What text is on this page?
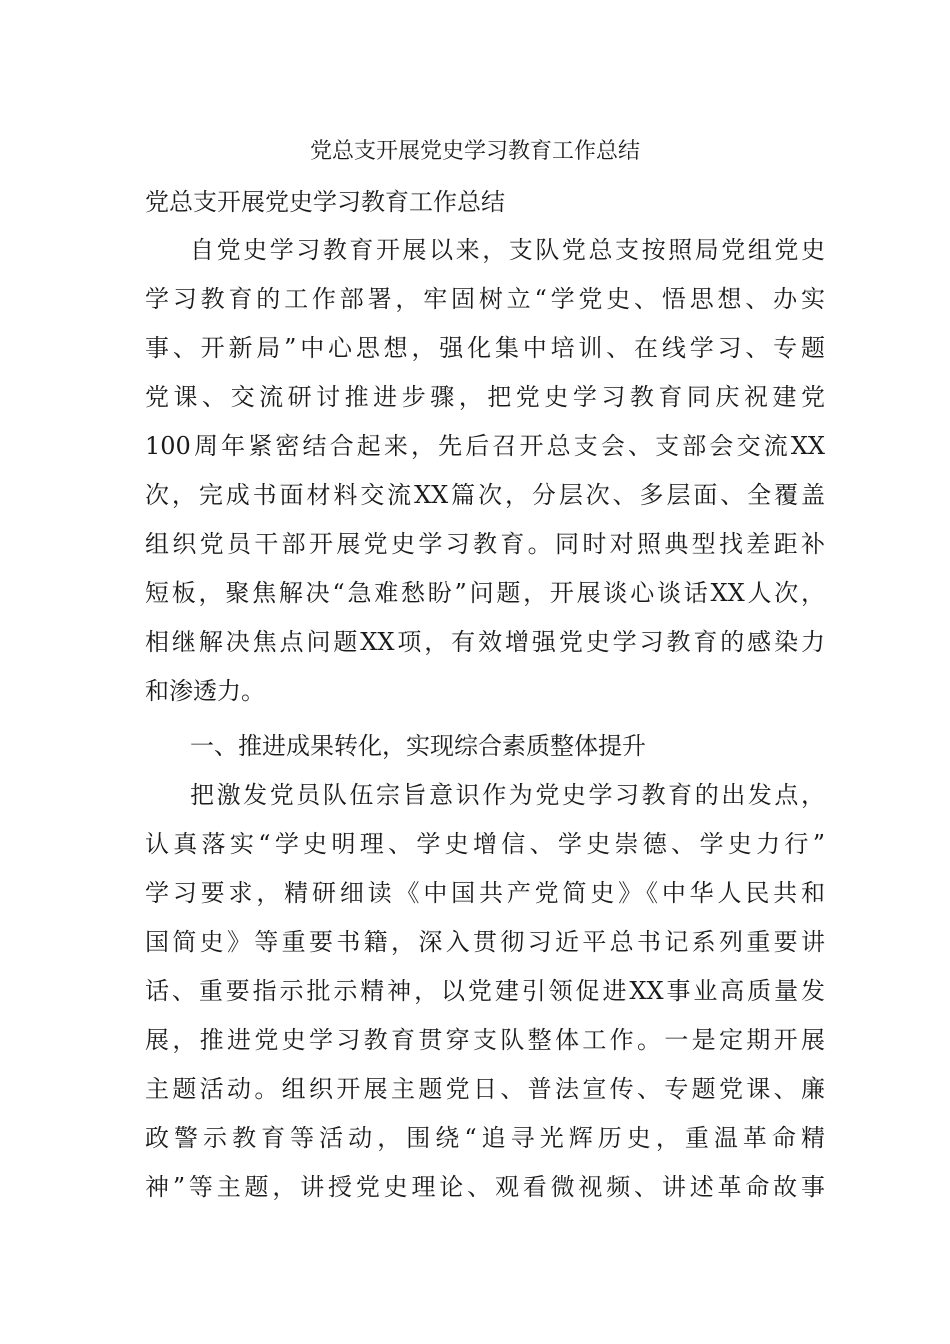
党总支开展党史学习教育工作总结
党总支开展党史学习教育工作总结
自党史学习教育开展以来，支队党总支按照局党组党史
学习教育的工作部署，牢固树立“学党史、悟思想、办实
事、开新局”中心思想，强化集中培训、在线学习、专题
党课、交流研讨推进步骤，把党史学习教育同庆祝建党
100周年紧密结合起来，先后召开总支会、支部会交流XX
次，完成书面材料交流XX篇次，分层次、多层面、全覆盖
组织党员干部开展党史学习教育。同时对照典型找差距补
短板，聚焦解决“急难愁盼”问题，开展谈心谈话XX人次，
相继解决焦点问题XX项，有效增强党史学习教育的感染力
和渗透力。
一、推进成果转化，实现综合素质整体提升
把激发党员队伍宗旨意识作为党史学习教育的出发点，
认真落实“学史明理、学史增信、学史崇德、学史力行”
学习要求，精研细读《中国共产党简史》《中华人民共和
国简史》等重要书籍，深入贯彻习近平总书记系列重要讲
话、重要指示批示精神，以党建引领促进XX事业高质量发
展，推进党史学习教育贯穿支队整体工作。一是定期开展
主题活动。组织开展主题党日、普法宣传、专题党课、廉
政警示教育等活动，围绕“追寻光辉历史，重温革命精
神”等主题，讲授党史理论、观看微视频、讲述革命故事
